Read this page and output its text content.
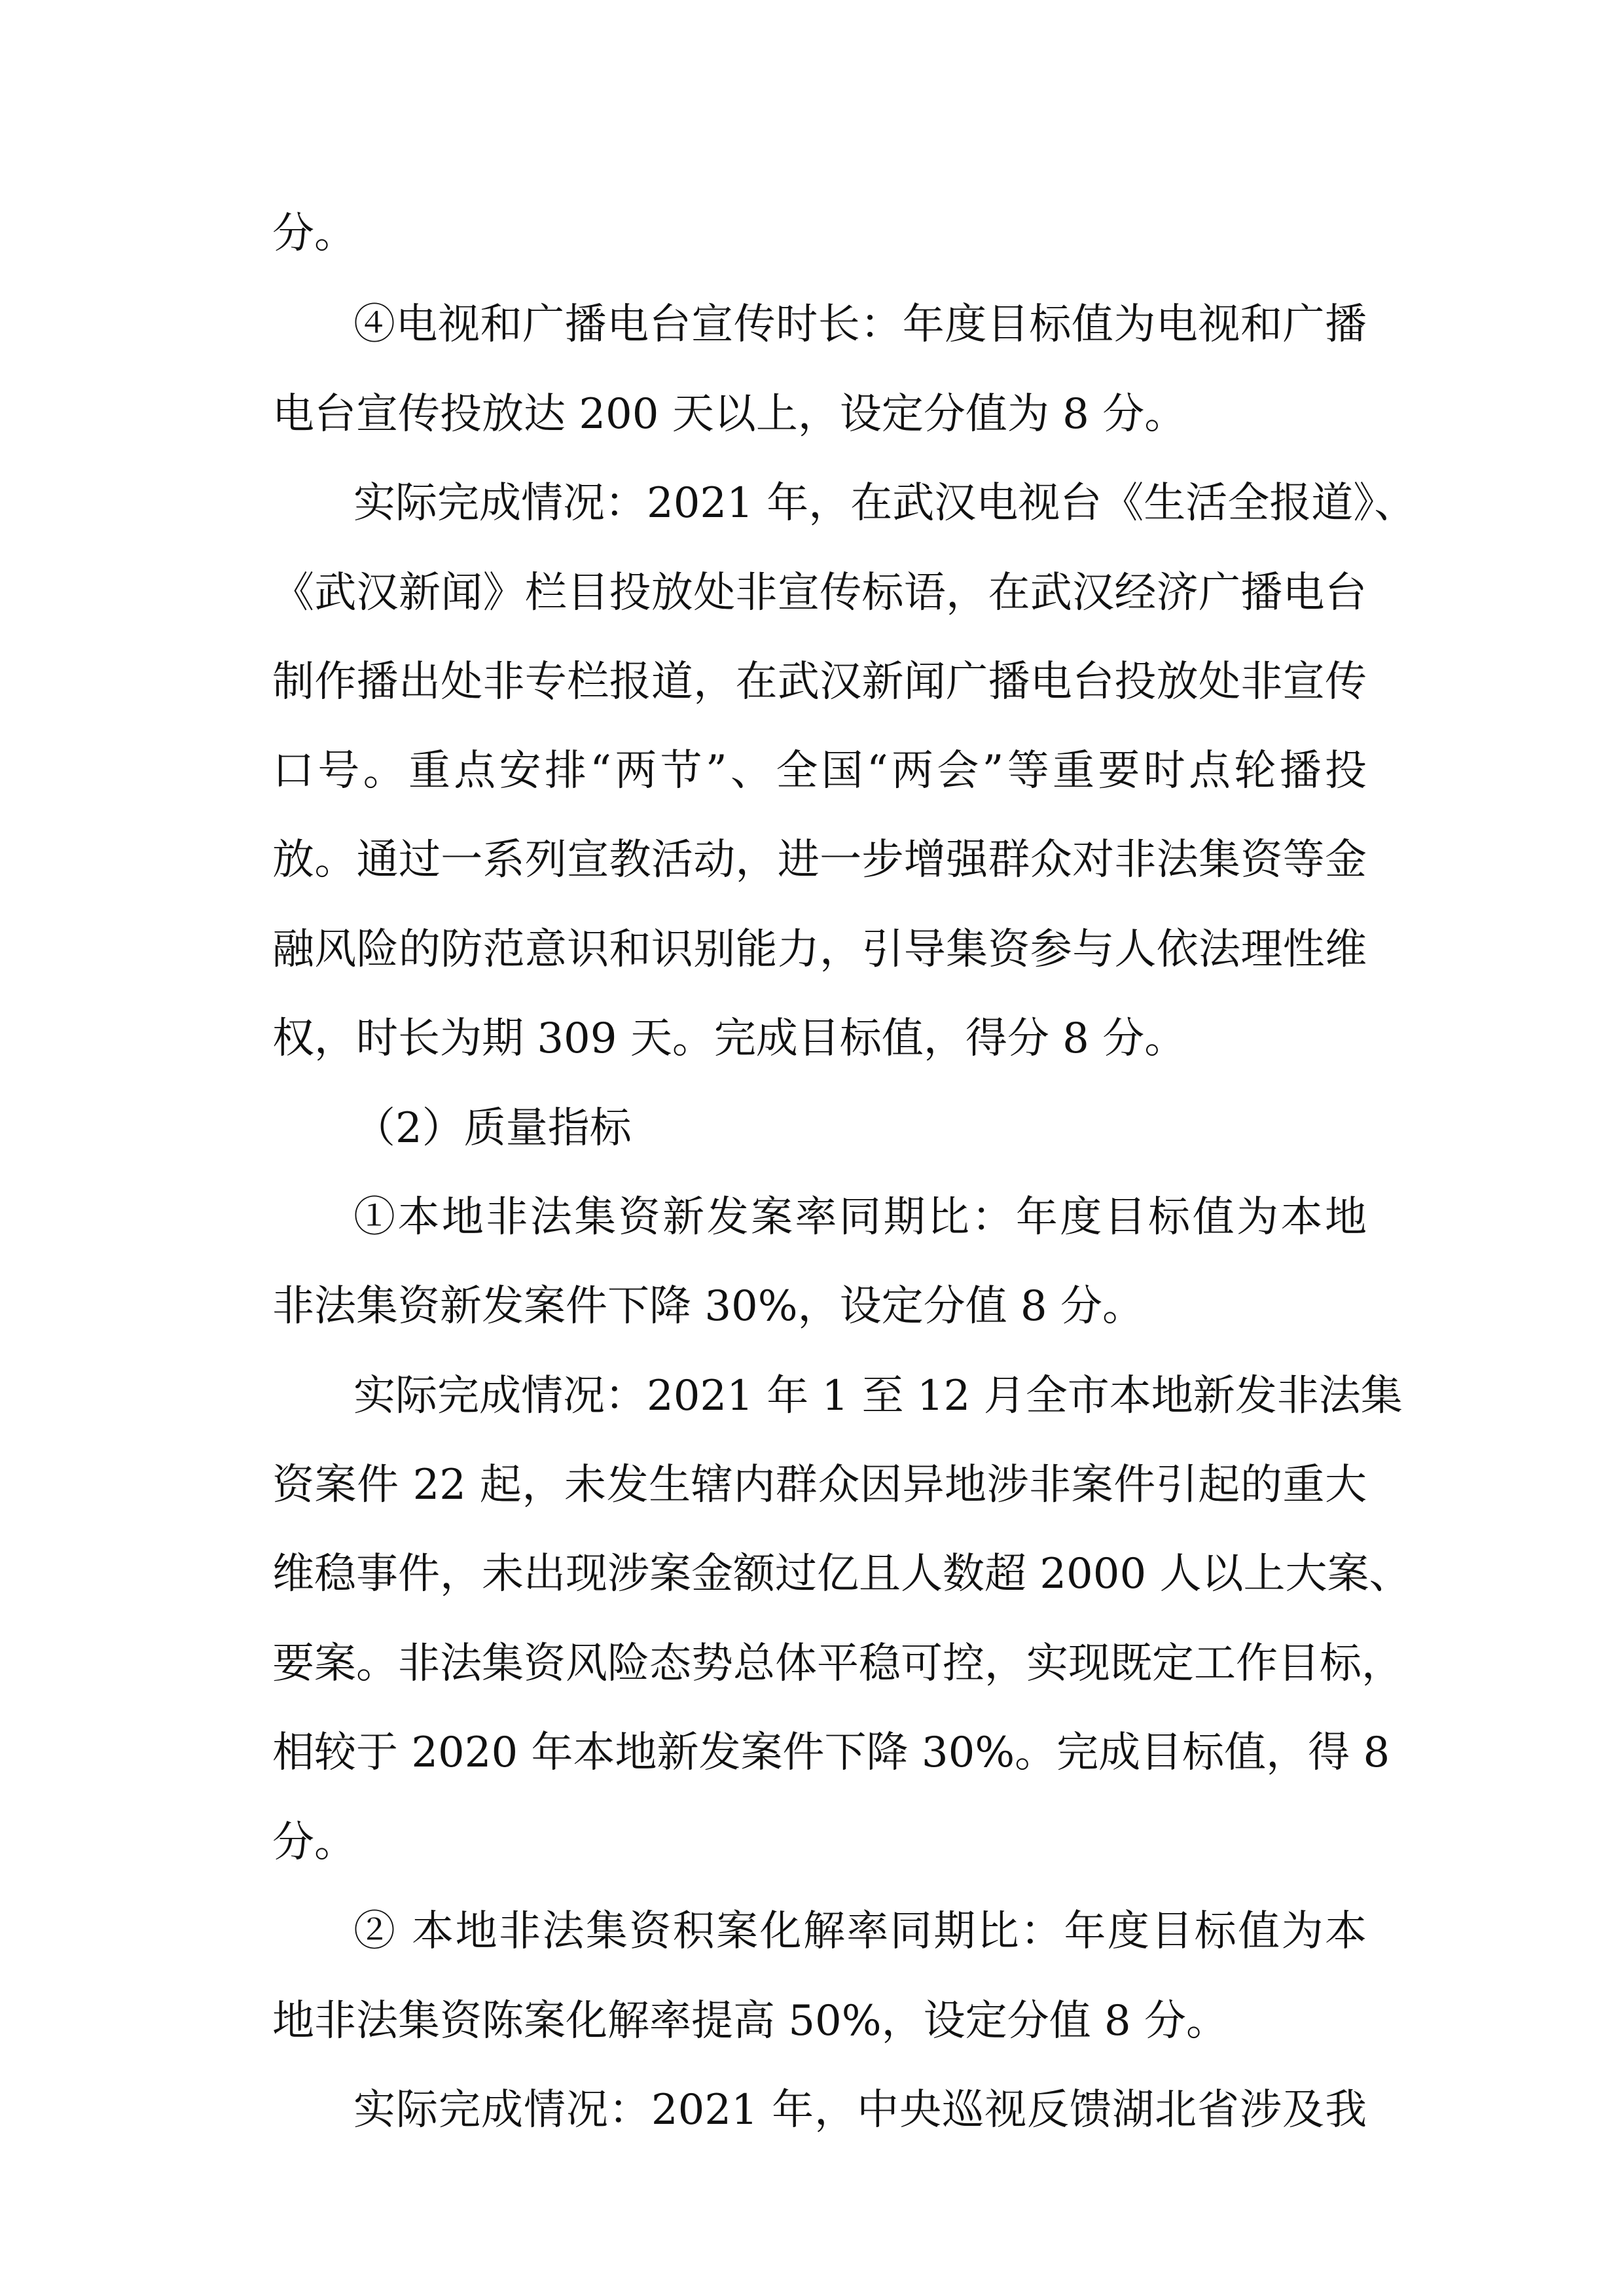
分。

④电视和广播电台宣传时长：年度目标值为电视和广播

电台宣传投放达 200 天以上，设定分值为 8 分。

实际完成情况：2021 年，在武汉电视台《生活全报道》、

《武汉新闻》栏目投放处非宣传标语，在武汉经济广播电台

制作播出处非专栏报道，在武汉新闻广播电台投放处非宣传

口号。重点安排“两节”、全国“两会”等重要时点轮播投

放。通过一系列宣教活动，进一步增强群众对非法集资等金

融风险的防范意识和识别能力，引导集资参与人依法理性维

权，时长为期 309 天。完成目标值，得分 8 分。

（2）质量指标

①本地非法集资新发案率同期比：年度目标值为本地

非法集资新发案件下降 30%，设定分值 8 分。

实际完成情况：2021 年 1 至 12 月全市本地新发非法集

资案件 22 起，未发生辖内群众因异地涉非案件引起的重大

维稳事件，未出现涉案金额过亿且人数超 2000 人以上大案、

要案。非法集资风险态势总体平稳可控，实现既定工作目标，

相较于 2020 年本地新发案件下降 30%。完成目标值，得 8

分。

② 本地非法集资积案化解率同期比：年度目标值为本

地非法集资陈案化解率提高 50%，设定分值 8 分。

实际完成情况：2021 年，中央巡视反馈湖北省涉及我
